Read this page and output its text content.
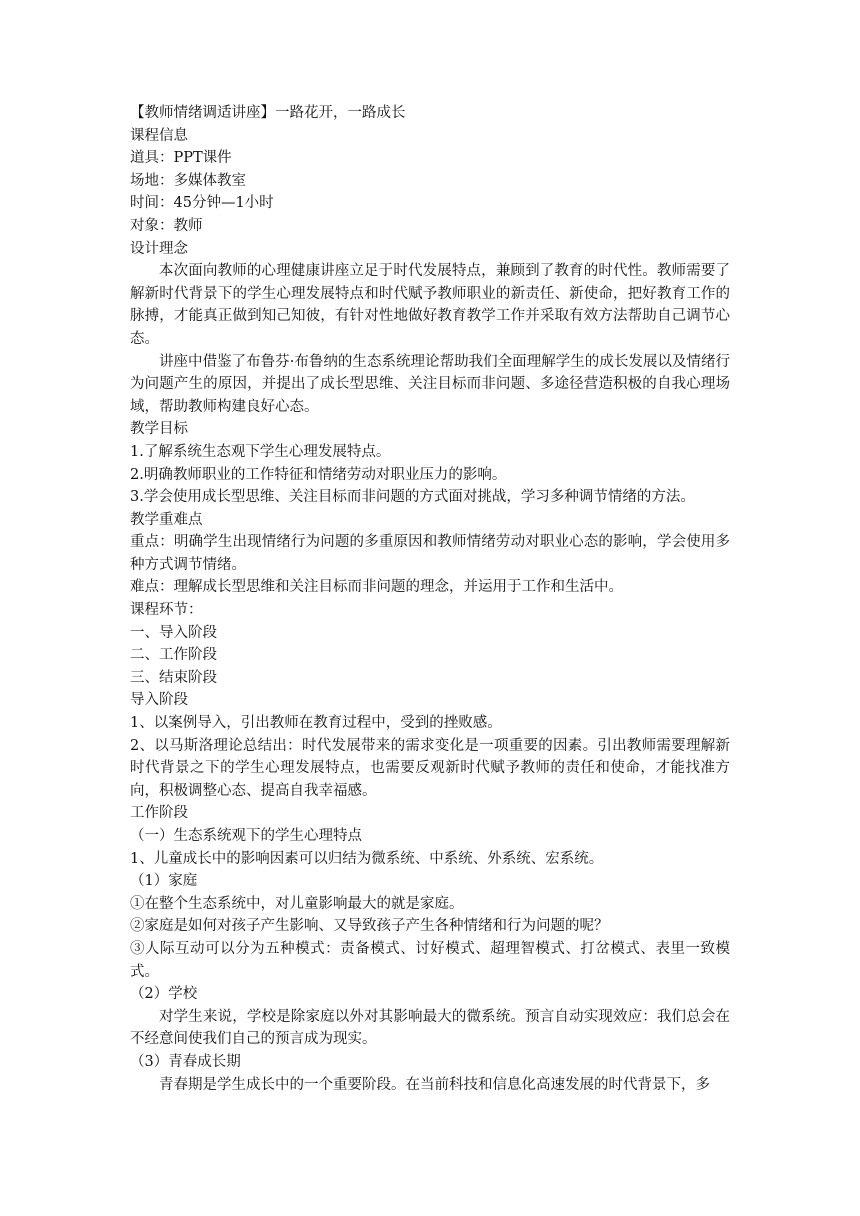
【教师情绪调适讲座】一路花开，一路成长
课程信息
道具：PPT课件
场地：多媒体教室
时间：45分钟—1小时
对象：教师
设计理念
本次面向教师的心理健康讲座立足于时代发展特点，兼顾到了教育的时代性。教师需要了解新时代背景下的学生心理发展特点和时代赋予教师职业的新责任、新使命，把好教育工作的脉搏，才能真正做到知己知彼，有针对性地做好教育教学工作并采取有效方法帮助自己调节心态。
讲座中借鉴了布鲁芬·布鲁纳的生态系统理论帮助我们全面理解学生的成长发展以及情绪行为问题产生的原因，并提出了成长型思维、关注目标而非问题、多途径营造积极的自我心理场域，帮助教师构建良好心态。
教学目标
1.了解系统生态观下学生心理发展特点。
2.明确教师职业的工作特征和情绪劳动对职业压力的影响。
3.学会使用成长型思维、关注目标而非问题的方式面对挑战，学习多种调节情绪的方法。
教学重难点
重点：明确学生出现情绪行为问题的多重原因和教师情绪劳动对职业心态的影响，学会使用多种方式调节情绪。
难点：理解成长型思维和关注目标而非问题的理念，并运用于工作和生活中。
课程环节：
一、导入阶段
二、工作阶段
三、结束阶段
导入阶段
1、以案例导入，引出教师在教育过程中，受到的挫败感。
2、以马斯洛理论总结出：时代发展带来的需求变化是一项重要的因素。引出教师需要理解新时代背景之下的学生心理发展特点，也需要反观新时代赋予教师的责任和使命，才能找准方向，积极调整心态、提高自我幸福感。
工作阶段
（一）生态系统观下的学生心理特点
1、儿童成长中的影响因素可以归结为微系统、中系统、外系统、宏系统。
（1）家庭
①在整个生态系统中，对儿童影响最大的就是家庭。
②家庭是如何对孩子产生影响、又导致孩子产生各种情绪和行为问题的呢？
③人际互动可以分为五种模式：责备模式、讨好模式、超理智模式、打岔模式、表里一致模式。
（2）学校
对学生来说，学校是除家庭以外对其影响最大的微系统。预言自动实现效应：我们总会在不经意间使我们自己的预言成为现实。
（3）青春成长期
青春期是学生成长中的一个重要阶段。在当前科技和信息化高速发展的时代背景下，多
